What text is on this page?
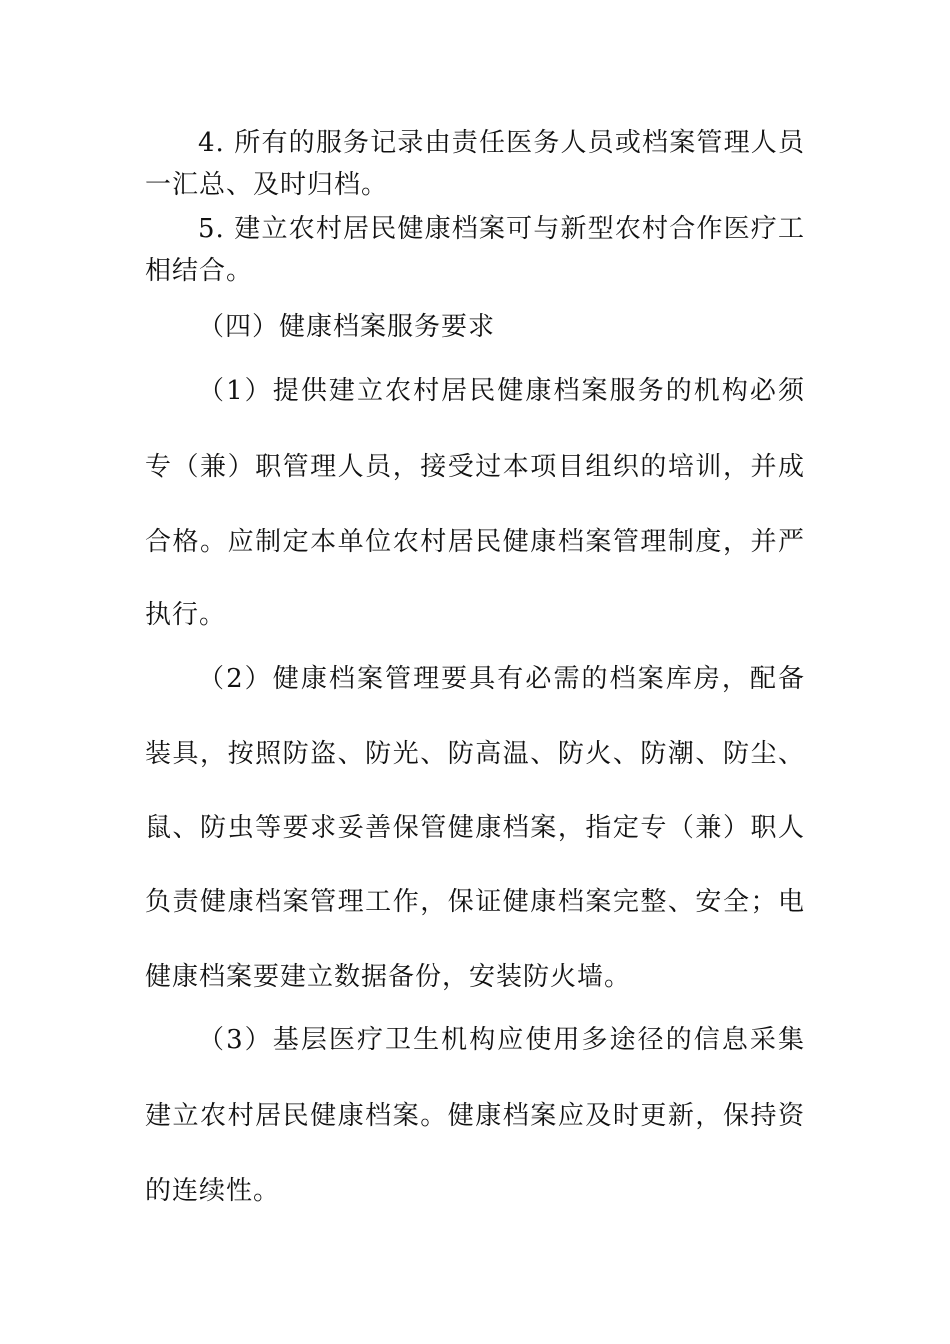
4. 所有的服务记录由责任医务人员或档案管理人员
一汇总、及时归档。
5. 建立农村居民健康档案可与新型农村合作医疗工
相结合。
（四）健康档案服务要求
（1）提供建立农村居民健康档案服务的机构必须
专（兼）职管理人员，接受过本项目组织的培训，并成
合格。应制定本单位农村居民健康档案管理制度，并严
执行。
（2）健康档案管理要具有必需的档案库房，配备
装具，按照防盗、防光、防高温、防火、防潮、防尘、
鼠、防虫等要求妥善保管健康档案，指定专（兼）职人
负责健康档案管理工作，保证健康档案完整、安全；电
健康档案要建立数据备份，安装防火墙。
（3）基层医疗卫生机构应使用多途径的信息采集
建立农村居民健康档案。健康档案应及时更新，保持资
的连续性。
